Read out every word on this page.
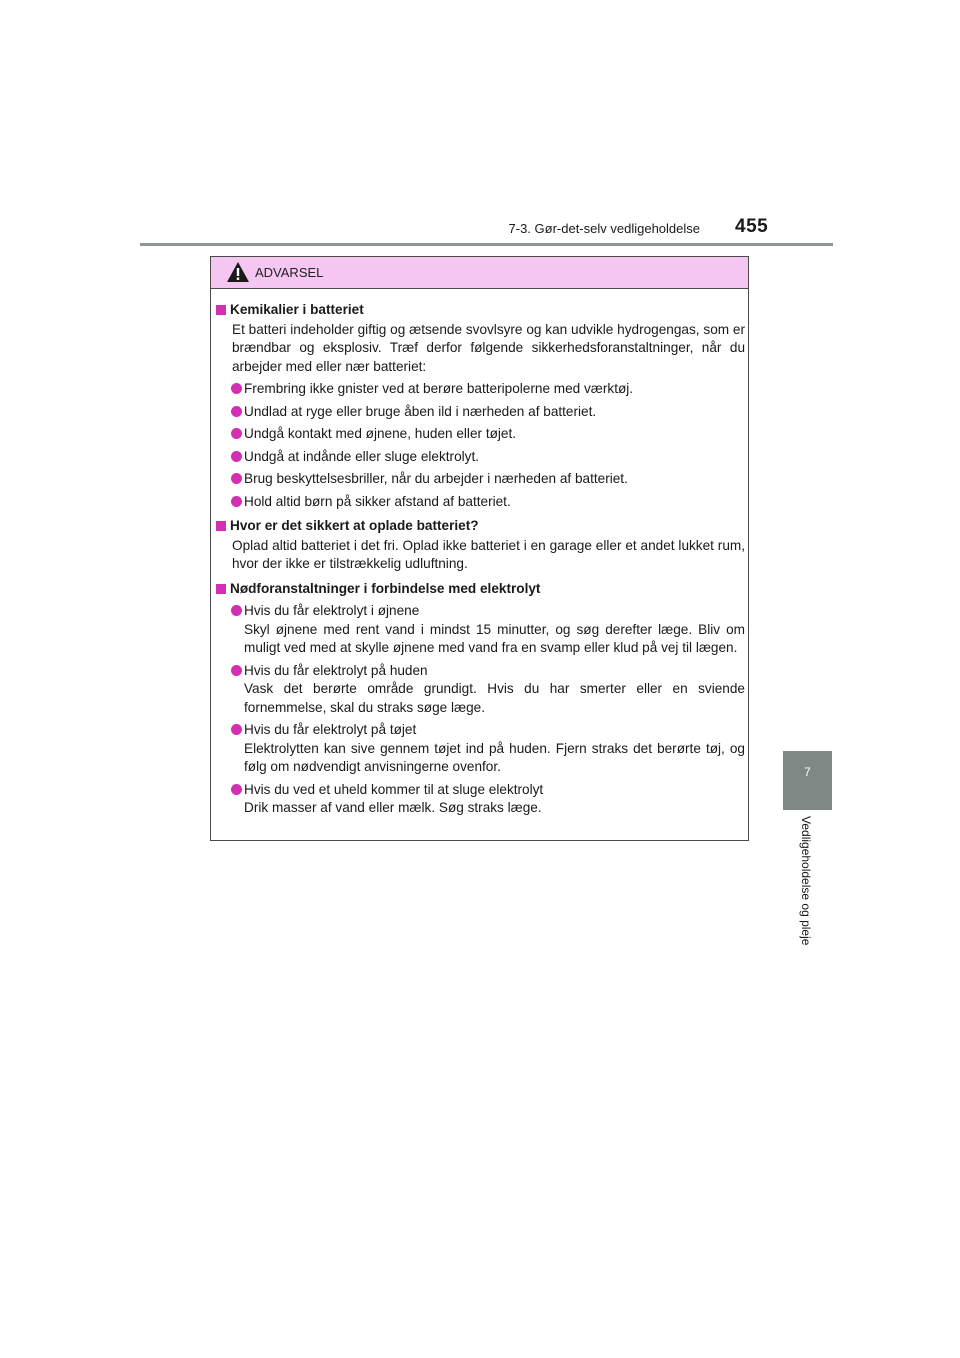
7-3. Gør-det-selv vedligeholdelse 455
7
Vedligeholdelse og pleje
ADVARSEL
Kemikalier i batteriet
Et batteri indeholder giftig og ætsende svovlsyre og kan udvikle hydrogengas, som er brændbar og eksplosiv. Træf derfor følgende sikkerhedsforanstaltninger, når du arbejder med eller nær batteriet:
Frembring ikke gnister ved at berøre batteripolerne med værktøj.
Undlad at ryge eller bruge åben ild i nærheden af batteriet.
Undgå kontakt med øjnene, huden eller tøjet.
Undgå at indånde eller sluge elektrolyt.
Brug beskyttelsesbriller, når du arbejder i nærheden af batteriet.
Hold altid børn på sikker afstand af batteriet.
Hvor er det sikkert at oplade batteriet?
Oplad altid batteriet i det fri. Oplad ikke batteriet i en garage eller et andet lukket rum, hvor der ikke er tilstrækkelig udluftning.
Nødforanstaltninger i forbindelse med elektrolyt
Hvis du får elektrolyt i øjnene
Skyl øjnene med rent vand i mindst 15 minutter, og søg derefter læge. Bliv om muligt ved med at skylle øjnene med vand fra en svamp eller klud på vej til lægen.
Hvis du får elektrolyt på huden
Vask det berørte område grundigt. Hvis du har smerter eller en sviende fornemmelse, skal du straks søge læge.
Hvis du får elektrolyt på tøjet
Elektrolytten kan sive gennem tøjet ind på huden. Fjern straks det berørte tøj, og følg om nødvendigt anvisningerne ovenfor.
Hvis du ved et uheld kommer til at sluge elektrolyt
Drik masser af vand eller mælk. Søg straks læge.
